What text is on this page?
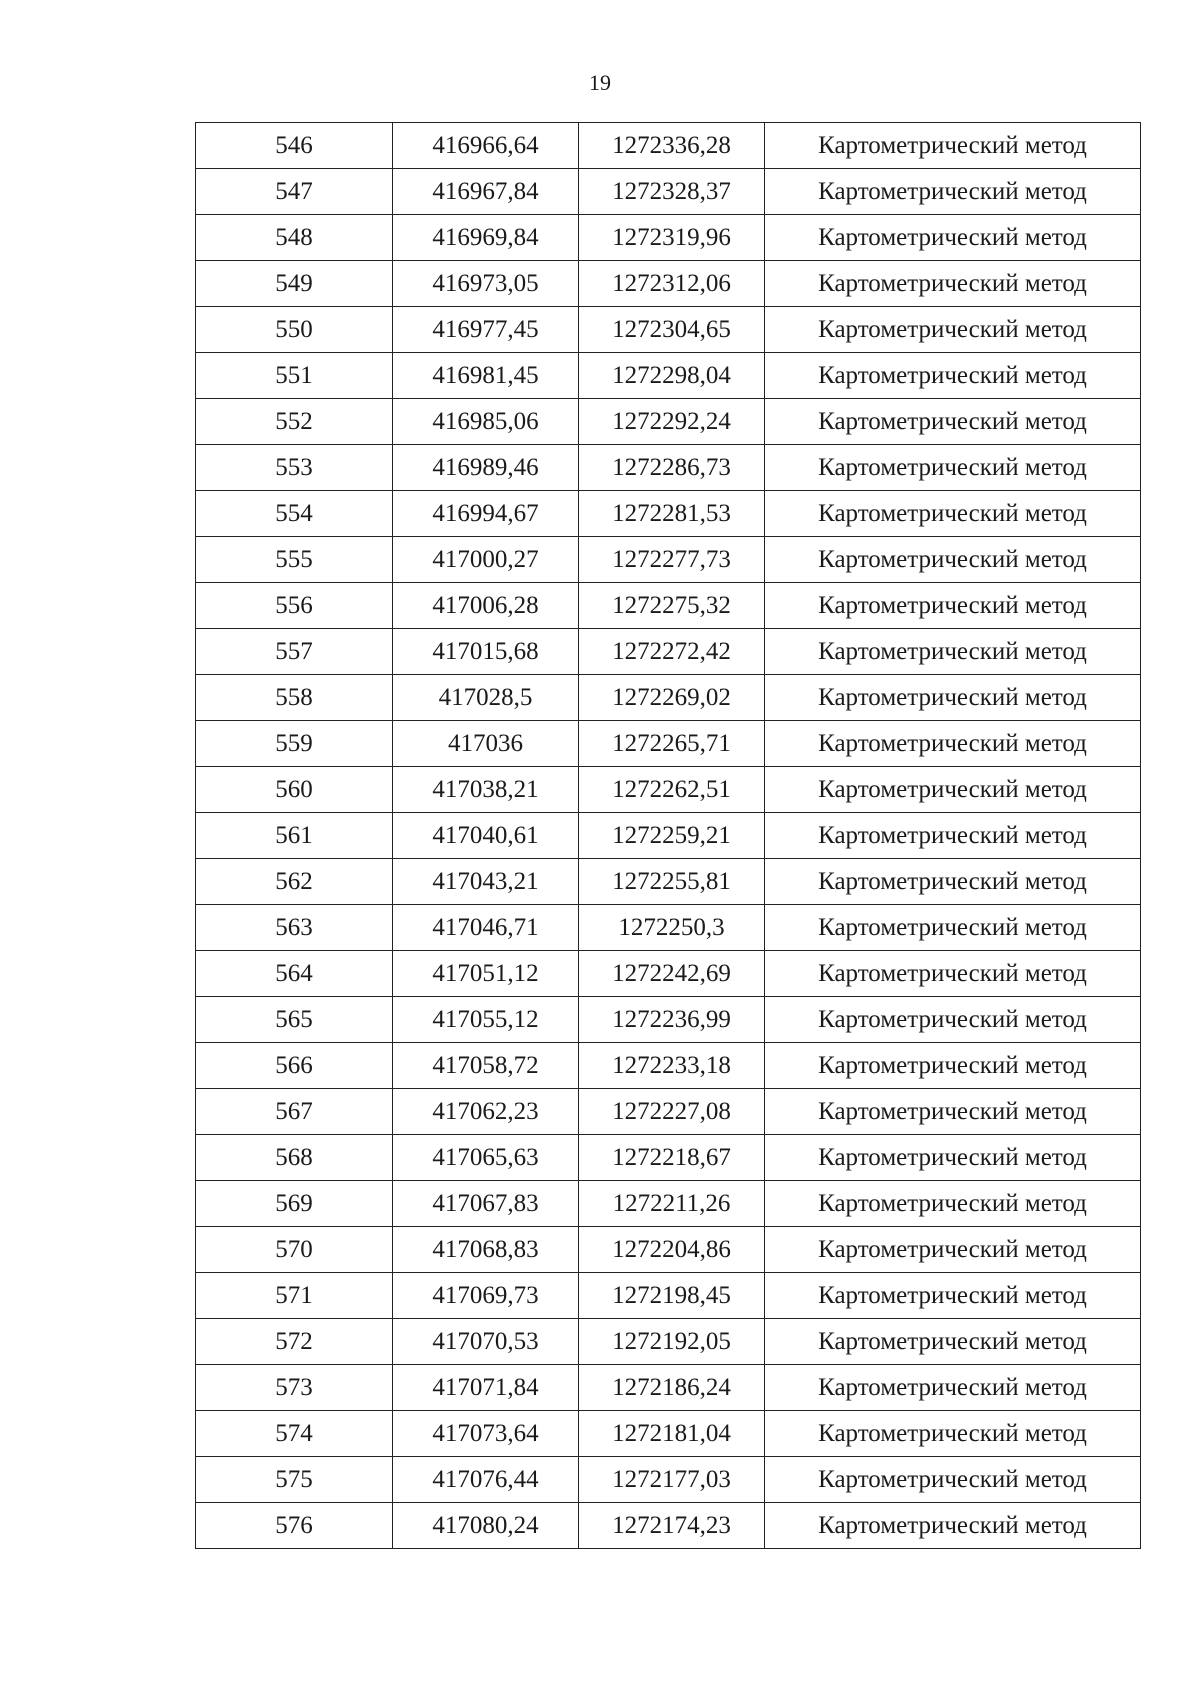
19
546	416966,64	1272336,28	Картометрический метод
547	416967,84	1272328,37	Картометрический метод
548	416969,84	1272319,96	Картометрический метод
549	416973,05	1272312,06	Картометрический метод
550	416977,45	1272304,65	Картометрический метод
551	416981,45	1272298,04	Картометрический метод
552	416985,06	1272292,24	Картометрический метод
553	416989,46	1272286,73	Картометрический метод
554	416994,67	1272281,53	Картометрический метод
555	417000,27	1272277,73	Картометрический метод
556	417006,28	1272275,32	Картометрический метод
557	417015,68	1272272,42	Картометрический метод
558	417028,5	1272269,02	Картометрический метод
559	417036	1272265,71	Картометрический метод
560	417038,21	1272262,51	Картометрический метод
561	417040,61	1272259,21	Картометрический метод
562	417043,21	1272255,81	Картометрический метод
563	417046,71	1272250,3	Картометрический метод
564	417051,12	1272242,69	Картометрический метод
565	417055,12	1272236,99	Картометрический метод
566	417058,72	1272233,18	Картометрический метод
567	417062,23	1272227,08	Картометрический метод
568	417065,63	1272218,67	Картометрический метод
569	417067,83	1272211,26	Картометрический метод
570	417068,83	1272204,86	Картометрический метод
571	417069,73	1272198,45	Картометрический метод
572	417070,53	1272192,05	Картометрический метод
573	417071,84	1272186,24	Картометрический метод
574	417073,64	1272181,04	Картометрический метод
575	417076,44	1272177,03	Картометрический метод
576	417080,24	1272174,23	Картометрический метод
